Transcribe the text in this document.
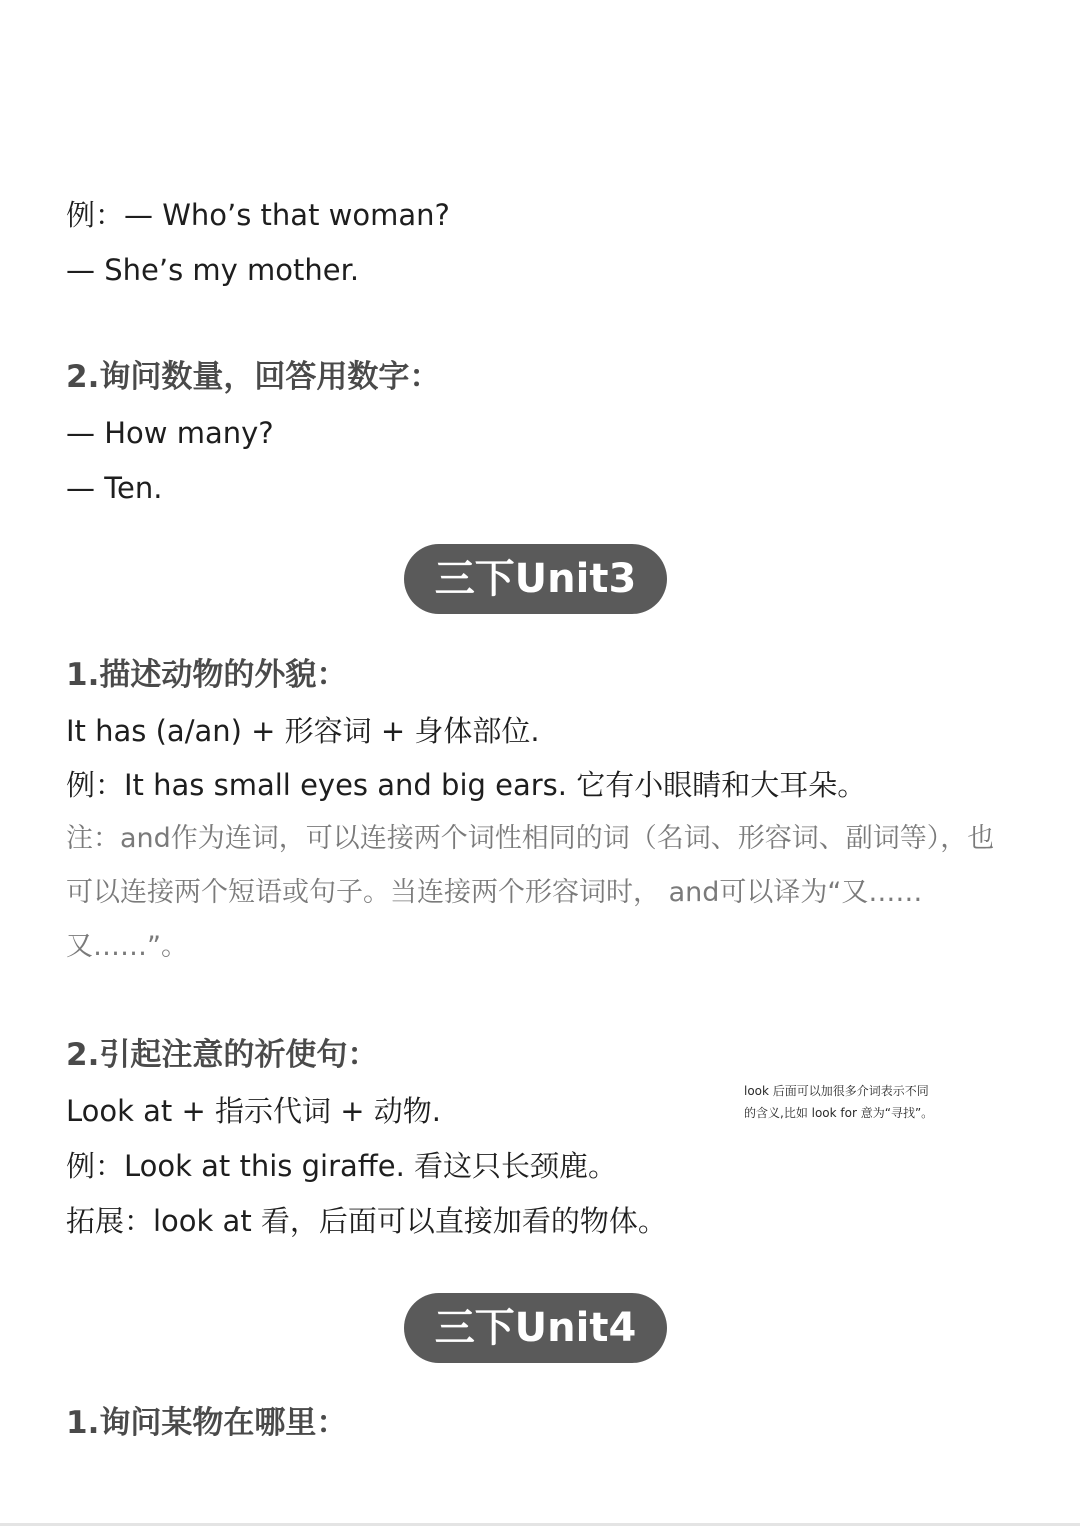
例：— Who’s that woman?
— She’s my mother.
2.询问数量，回答用数字：
— How many?
— Ten.
三下Unit3
1.描述动物的外貌：
It has (a/an) + 形容词 + 身体部位.
例：It has small eyes and big ears. 它有小眼睛和大耳朵。
注：and作为连词，可以连接两个词性相同的词（名词、形容词、副词等），也可以连接两个短语或句子。当连接两个形容词时， and可以译为“又……又……”。
2.引起注意的祈使句：
Look at + 指示代词 + 动物.
例：Look at this giraffe. 看这只长颈鹿。
拓展：look at 看，后面可以直接加看的物体。
look 后面可以加很多介词表示不同的含义,比如 look for 意为“寻找”。
三下Unit4
1.询问某物在哪里：
